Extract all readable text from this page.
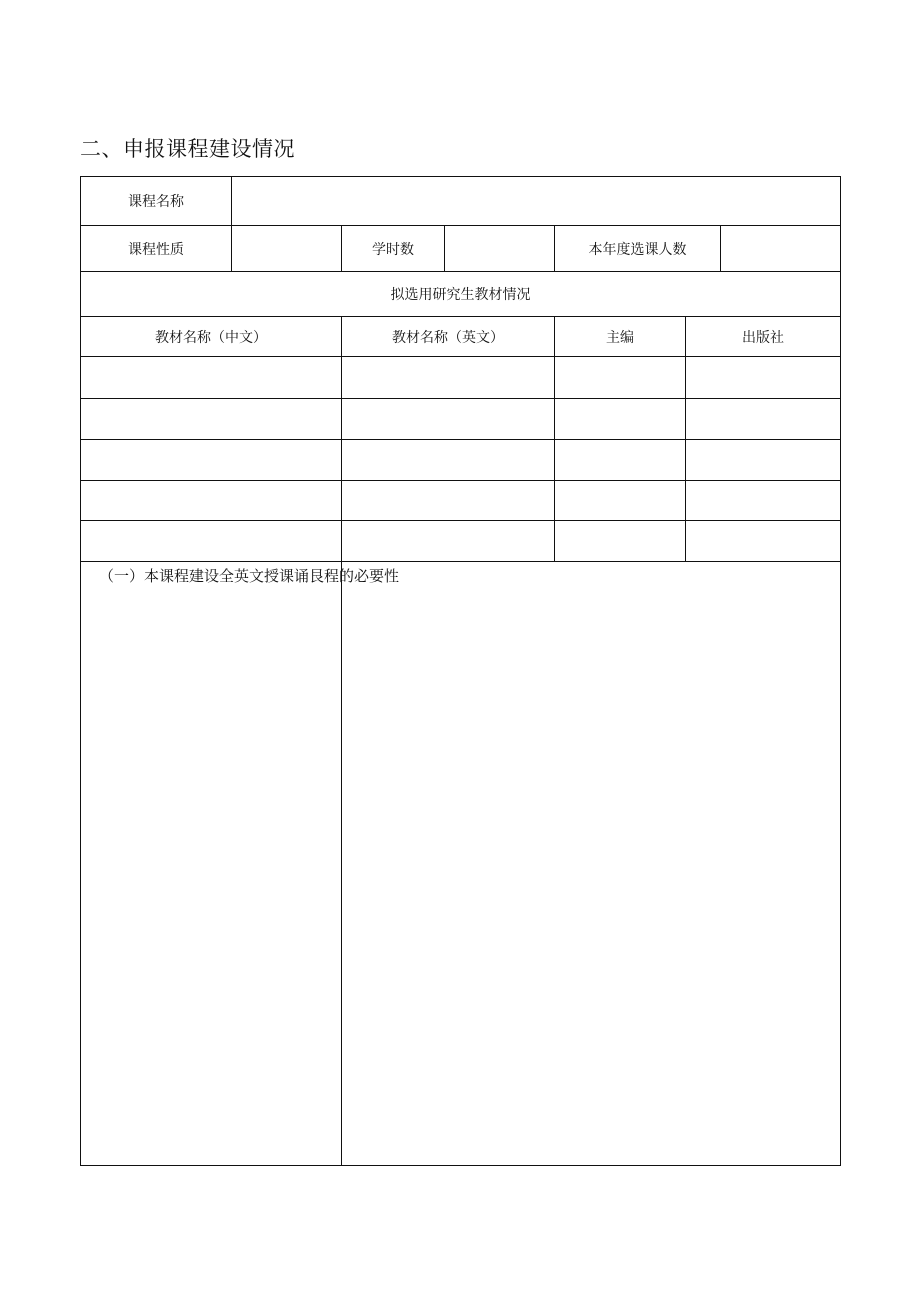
二、申报课程建设情况
课程名称
课程性质	学时数	本年度选课人数
拟选用研究生教材情况
教材名称（中文）	教材名称（英文）	主编	出版社
（一）本课程建设全英文授课诵艮程的必要性
